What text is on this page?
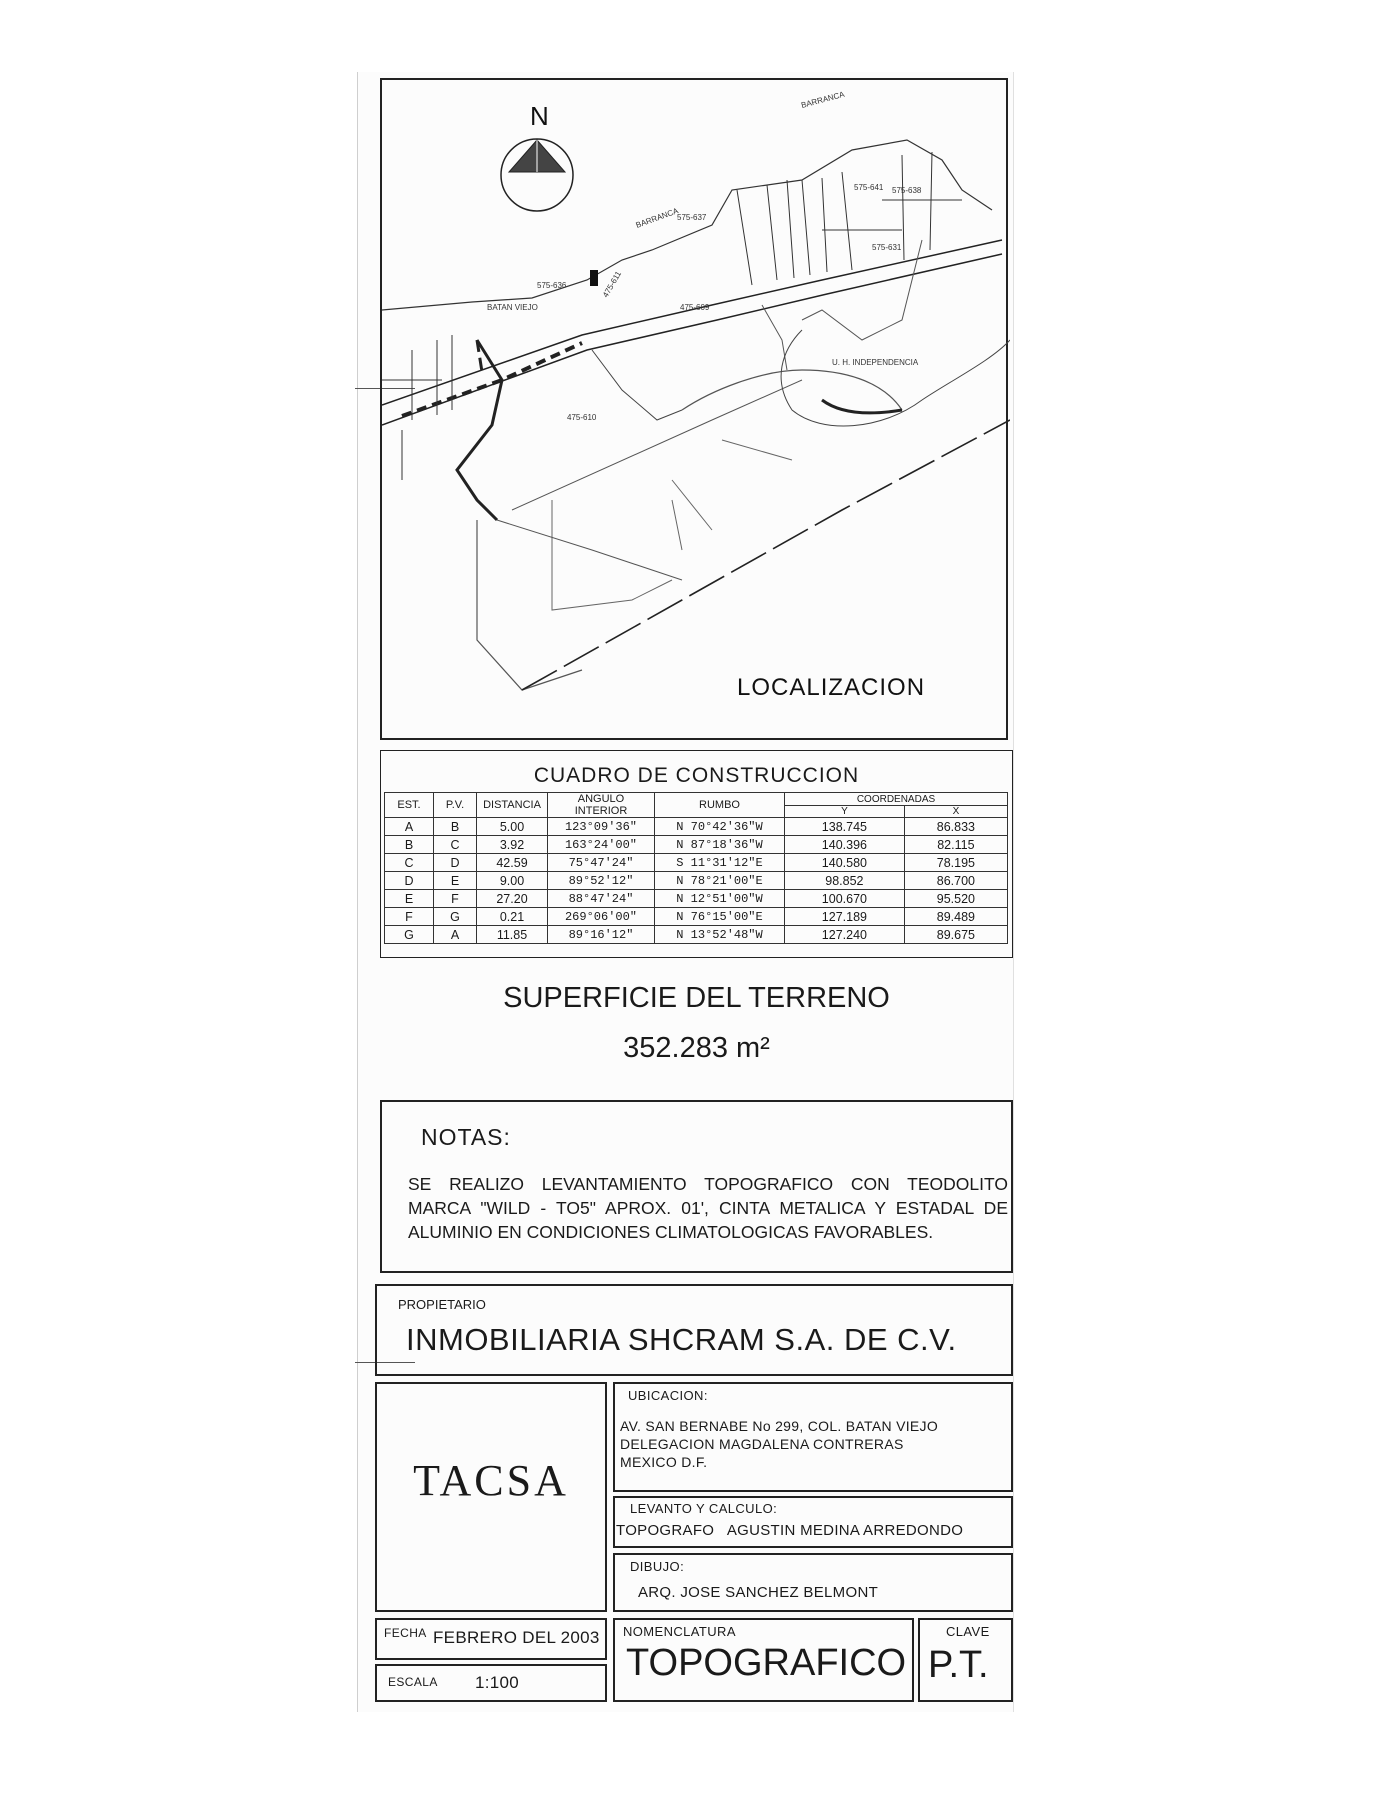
N
BATAN VIEJO
U. H. INDEPENDENCIA
BARRANCA
BARRANCA
575-636
575-637
575-638
575-641
575-631
475-609
475-610
475-611
LOCALIZACION
CUADRO DE CONSTRUCCION
EST.	P.V.	DISTANCIA	ANGULO INTERIOR	RUMBO	COORDENADAS	
					Y	X
A	B	5.00	123°09'36"	N 70°42'36"W	138.745	86.833
B	C	3.92	163°24'00"	N 87°18'36"W	140.396	82.115
C	D	42.59	75°47'24"	S 11°31'12"E	140.580	78.195
D	E	9.00	89°52'12"	N 78°21'00"E	98.852	86.700
E	F	27.20	88°47'24"	N 12°51'00"W	100.670	95.520
F	G	0.21	269°06'00"	N 76°15'00"E	127.189	89.489
G	A	11.85	89°16'12"	N 13°52'48"W	127.240	89.675
SUPERFICIE DEL TERRENO
352.283 m²
NOTAS:
SE REALIZO LEVANTAMIENTO TOPOGRAFICO CON TEODOLITO MARCA "WILD - TO5" APROX. 01', CINTA METALICA Y ESTADAL DE ALUMINIO EN CONDICIONES CLIMATOLOGICAS FAVORABLES.
PROPIETARIO
INMOBILIARIA SHCRAM S.A. DE C.V.
TACSA
UBICACION:
AV. SAN BERNABE No 299, COL. BATAN VIEJO
DELEGACION MAGDALENA CONTRERAS
MEXICO D.F.
LEVANTO Y CALCULO:
TOPOGRAFO   AGUSTIN MEDINA ARREDONDO
DIBUJO:
ARQ. JOSE SANCHEZ BELMONT
FECHA FEBRERO DEL 2003
ESCALA 1:100
NOMENCLATURA
TOPOGRAFICO
CLAVE
P.T.
